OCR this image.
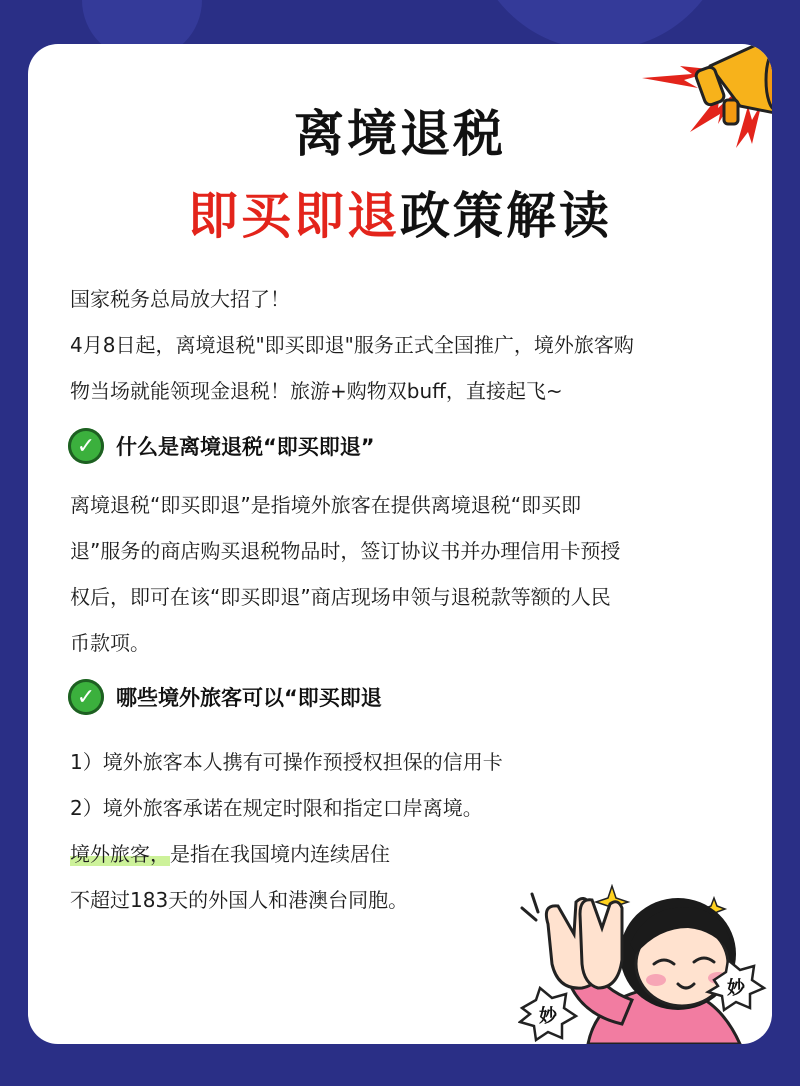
离境退税
即买即退政策解读
国家税务总局放大招了！
4月8日起，离境退税"即买即退"服务正式全国推广，境外旅客购
物当场就能领现金退税！旅游+购物双buff，直接起飞~
✓ 什么是离境退税“即买即退”
离境退税“即买即退”是指境外旅客在提供离境退税“即买即
退”服务的商店购买退税物品时，签订协议书并办理信用卡预授
权后，即可在该“即买即退”商店现场申领与退税款等额的人民
币款项。
✓ 哪些境外旅客可以“即买即退
1）境外旅客本人携有可操作预授权担保的信用卡
2）境外旅客承诺在规定时限和指定口岸离境。
境外旅客，是指在我国境内连续居住
不超过183天的外国人和港澳台同胞。
妙
妙
